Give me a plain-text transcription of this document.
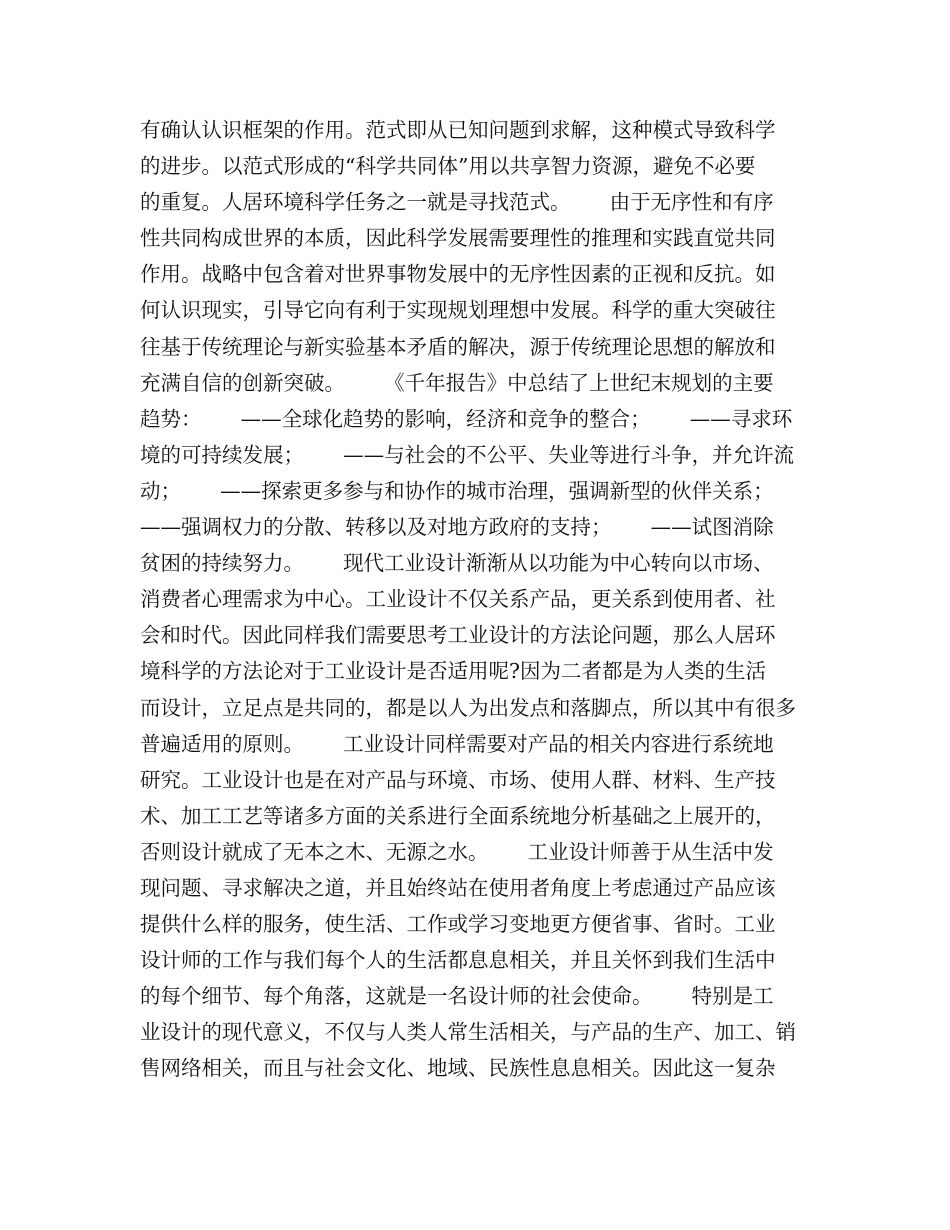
有确认认识框架的作用。范式即从已知问题到求解，这种模式导致科学
的进步。以范式形成的“科学共同体”用以共享智力资源，避免不必要
的重复。人居环境科学任务之一就是寻找范式。      由于无序性和有序
性共同构成世界的本质，因此科学发展需要理性的推理和实践直觉共同
作用。战略中包含着对世界事物发展中的无序性因素的正视和反抗。如
何认识现实，引导它向有利于实现规划理想中发展。科学的重大突破往
往基于传统理论与新实验基本矛盾的解决，源于传统理论思想的解放和
充满自信的创新突破。      《千年报告》中总结了上世纪末规划的主要
趋势：      ——全球化趋势的影响，经济和竞争的整合；      ——寻求环
境的可持续发展；      ——与社会的不公平、失业等进行斗争，并允许流
动；      ——探索更多参与和协作的城市治理，强调新型的伙伴关系；
——强调权力的分散、转移以及对地方政府的支持；      ——试图消除
贫困的持续努力。      现代工业设计渐渐从以功能为中心转向以市场、
消费者心理需求为中心。工业设计不仅关系产品，更关系到使用者、社
会和时代。因此同样我们需要思考工业设计的方法论问题，那么人居环
境科学的方法论对于工业设计是否适用呢?因为二者都是为人类的生活
而设计，立足点是共同的，都是以人为出发点和落脚点，所以其中有很多
普遍适用的原则。      工业设计同样需要对产品的相关内容进行系统地
研究。工业设计也是在对产品与环境、市场、使用人群、材料、生产技
术、加工工艺等诸多方面的关系进行全面系统地分析基础之上展开的，
否则设计就成了无本之木、无源之水。      工业设计师善于从生活中发
现问题、寻求解决之道，并且始终站在使用者角度上考虑通过产品应该
提供什么样的服务，使生活、工作或学习变地更方便省事、省时。工业
设计师的工作与我们每个人的生活都息息相关，并且关怀到我们生活中
的每个细节、每个角落，这就是一名设计师的社会使命。      特别是工
业设计的现代意义，不仅与人类人常生活相关，与产品的生产、加工、销
售网络相关，而且与社会文化、地域、民族性息息相关。因此这一复杂
